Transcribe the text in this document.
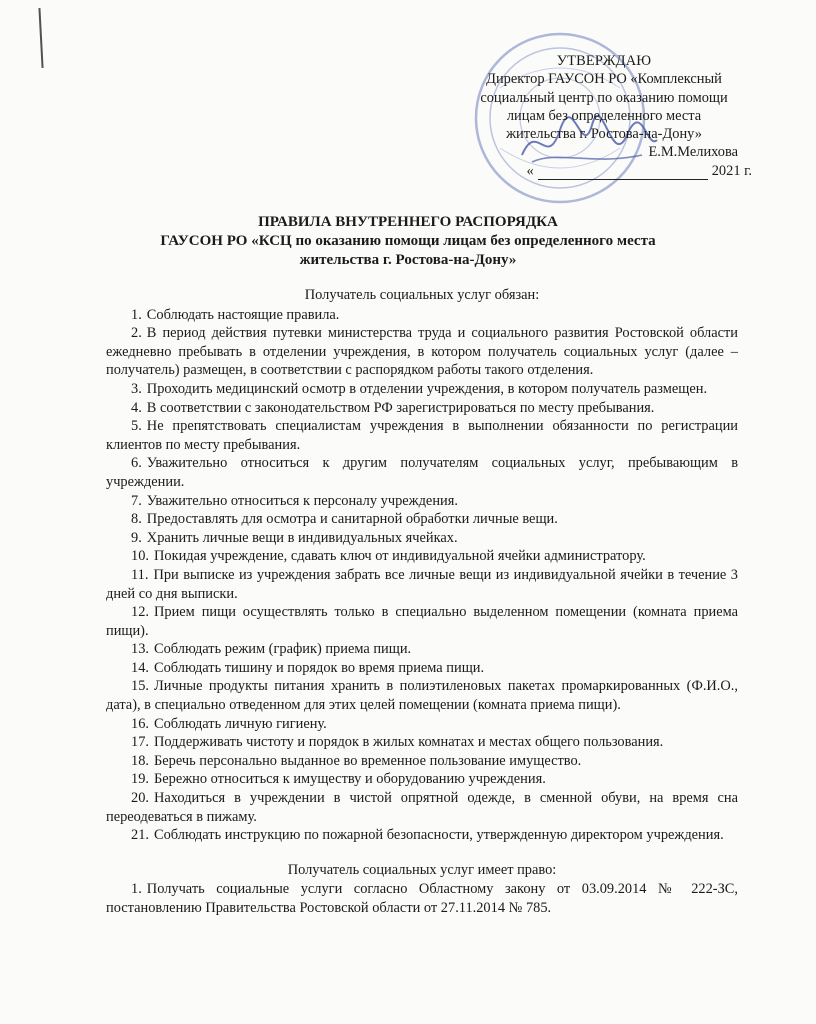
УТВЕРЖДАЮ
Директор ГАУСОН РО «Комплексный
социальный центр по оказанию помощи
лицам без определенного места
жительства г. Ростова-на-Дону»
Е.М.Мелихова
«	2021 г.
ПРАВИЛА ВНУТРЕННЕГО РАСПОРЯДКА
ГАУСОН РО «КСЦ по оказанию помощи лицам без определенного места
жительства г. Ростова-на-Дону»

Получатель социальных услуг обязан:

1. Соблюдать настоящие правила.

2. В период действия путевки министерства труда и социального развития Ростовской области ежедневно пребывать в отделении учреждения, в котором получатель социальных услуг (далее – получатель) размещен, в соответствии с распорядком работы такого отделения.

3. Проходить медицинский осмотр в отделении учреждения, в котором получатель размещен.

4. В соответствии с законодательством РФ зарегистрироваться по месту пребывания.

5. Не препятствовать специалистам учреждения в выполнении обязанности по регистрации клиентов по месту пребывания.

6. Уважительно относиться к другим получателям социальных услуг, пребывающим в учреждении.

7. Уважительно относиться к персоналу учреждения.

8. Предоставлять для осмотра и санитарной обработки личные вещи.

9. Хранить личные вещи в индивидуальных ячейках.

10. Покидая учреждение, сдавать ключ от индивидуальной ячейки администратору.

11. При выписке из учреждения забрать все личные вещи из индивидуальной ячейки в течение 3 дней со дня выписки.

12. Прием пищи осуществлять только в специально выделенном помещении (комната приема пищи).

13. Соблюдать режим (график) приема пищи.

14. Соблюдать тишину и порядок во время приема пищи.

15. Личные продукты питания хранить в полиэтиленовых пакетах промаркированных (Ф.И.О., дата), в специально отведенном для этих целей помещении (комната приема пищи).

16. Соблюдать личную гигиену.

17. Поддерживать чистоту и порядок в жилых комнатах и местах общего пользования.

18. Беречь персонально выданное во временное пользование имущество.

19. Бережно относиться к имуществу и оборудованию учреждения.

20. Находиться в учреждении в чистой опрятной одежде, в сменной обуви, на время сна переодеваться в пижаму.

21. Соблюдать инструкцию по пожарной безопасности, утвержденную директором учреждения.

Получатель социальных услуг имеет право:

1. Получать социальные услуги согласно Областному закону от 03.09.2014 № 222-ЗС, постановлению Правительства Ростовской области от 27.11.2014 № 785.
